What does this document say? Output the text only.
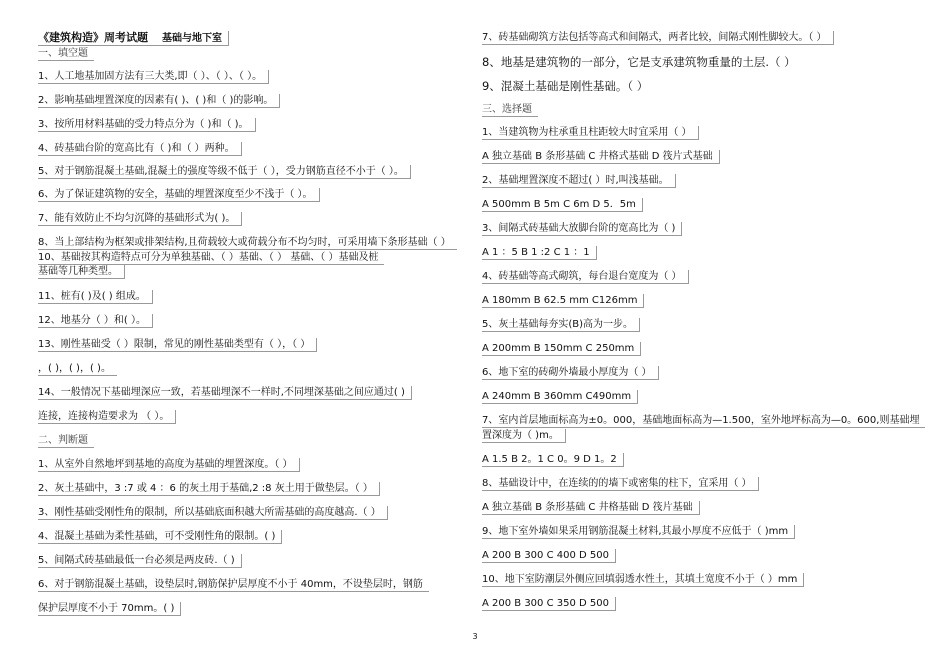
《建筑构造》周考试题 基础与地下室
一、填空题
1、人工地基加固方法有三大类,即（ ）、（ ）、（ ）。
2、影响基础埋置深度的因素有( )、( )和（ )的影响。
3、按所用材料基础的受力特点分为（ )和（ )。
4、砖基础台阶的宽高比有（ )和（ ）两种。
5、对于钢筋混凝土基础,混凝土的强度等级不低于（ ），受力钢筋直径不小于（ ）。
6、为了保证建筑物的安全，基础的埋置深度至少不浅于（ ）。
7、能有效防止不均匀沉降的基础形式为( )。
8、当上部结构为框架或排架结构,且荷载较大或荷载分布不均匀时，可采用墙下条形基础（ ）
10、基础按其构造特点可分为单独基础、（ ）基础、（ ） 基础、（ ）基础及桩
基础等几种类型。
11、桩有( )及( ) 组成。
12、地基分（ ）和( ）。
13、刚性基础受（ ）限制，常见的刚性基础类型有（ ），（ ）
，( )，( )，( )。
14、一般情况下基础埋深应一致，若基础埋深不一样时,不同埋深基础之间应通过( )
连接，连接构造要求为 （ ）。
二、判断题
1、从室外自然地坪到基地的高度为基础的埋置深度。（ ）
2、灰土基础中，3 :7 或 4 ：6 的灰土用于基础,2 :8 灰土用于做垫层。（ ）
3、刚性基础受刚性角的限制，所以基础底面积越大所需基础的高度越高.（ ）
4、混凝土基础为柔性基础，可不受刚性角的限制。( )
5、间隔式砖基础最低一台必须是两皮砖.（ )
6、对于钢筋混凝土基础，设垫层时,钢筋保护层厚度不小于 40mm，不设垫层时，钢筋
保护层厚度不小于 70mm。( )
7、砖基础砌筑方法包括等高式和间隔式，两者比较，间隔式刚性脚较大。（ ）
8、地基是建筑物的一部分，它是支承建筑物重量的土层.（ ）
9、混凝土基础是刚性基础。（ ）
三、选择题
1、当建筑物为柱承重且柱距较大时宜采用（ ）
A 独立基础 B 条形基础 C 井格式基础 D 筏片式基础
2、基础埋置深度不超过( ）时,叫浅基础。
A 500mm B 5m C 6m D 5．5m
3、间隔式砖基础大放脚台阶的宽高比为（ )
A 1 ：5 B 1 :2 C 1 ：1
4、砖基础等高式砌筑，每台退台宽度为（ ）
A 180mm B 62.5 mm C126mm
5、灰土基础每夯实(B)高为一步。
A 200mm B 150mm C 250mm
6、地下室的砖砌外墙最小厚度为（ ）
A 240mm B 360mm C490mm
7、室内首层地面标高为±0。000，基础地面标高为—1.500，室外地坪标高为—0。600,则基础埋
置深度为（ )m。
A 1.5 B 2。1 C 0。9 D 1。2
8、基础设计中，在连续的的墙下或密集的柱下，宜采用（ ）
A 独立基础 B 条形基础 C 井格基础 D 筏片基础
9、地下室外墙如果采用钢筋混凝土材料,其最小厚度不应低于（ )mm
A 200 B 300 C 400 D 500
10、地下室防潮层外侧应回填弱透水性土，其填土宽度不小于（ ）mm
A 200 B 300 C 350 D 500
3
